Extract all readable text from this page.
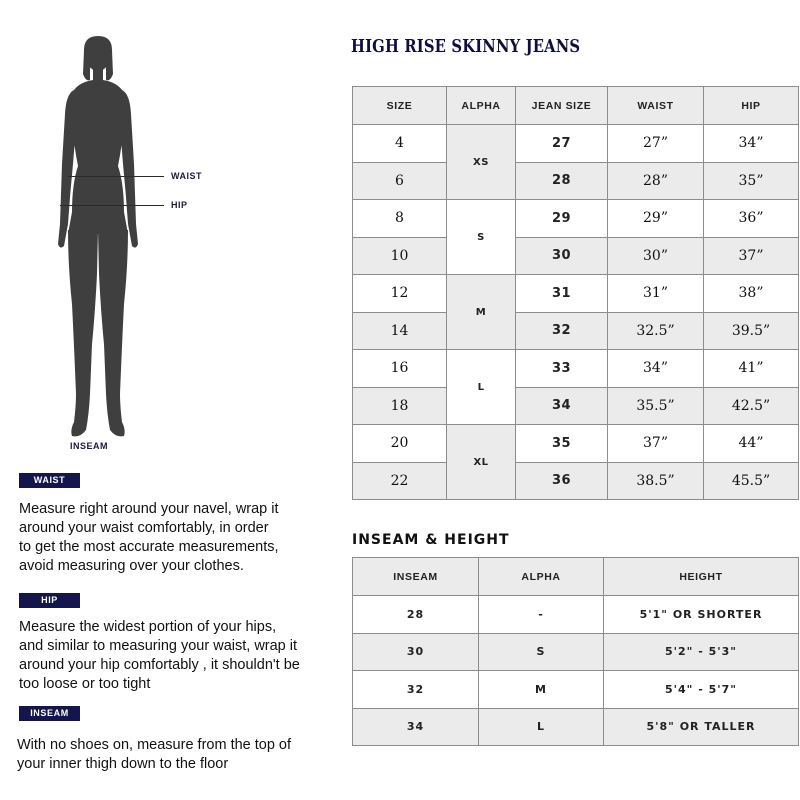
WAIST
HIP
INSEAM
WAIST
Measure right around your navel, wrap it
around your waist comfortably, in order
to get the most accurate measurements,
avoid measuring over your clothes.
HIP
Measure the widest portion of your hips,
and similar to measuring your waist, wrap it
around your hip comfortably , it shouldn't be
too loose or too tight
INSEAM
With no shoes on, measure from the top of
your inner thigh down to the floor
HIGH RISE SKINNY JEANS
SIZE	ALPHA	JEAN SIZE	WAIST	HIP
4	XS	27	27”	34”
6		28	28”	35”
8	S	29	29”	36”
10		30	30”	37”
12	M	31	31”	38”
14		32	32.5”	39.5”
16	L	33	34”	41”
18		34	35.5”	42.5”
20	XL	35	37”	44”
22		36	38.5”	45.5”
INSEAM & HEIGHT
INSEAM	ALPHA	HEIGHT
28	-	5'1" OR SHORTER
30	S	5'2" - 5'3"
32	M	5'4" - 5'7"
34	L	5'8" OR TALLER
